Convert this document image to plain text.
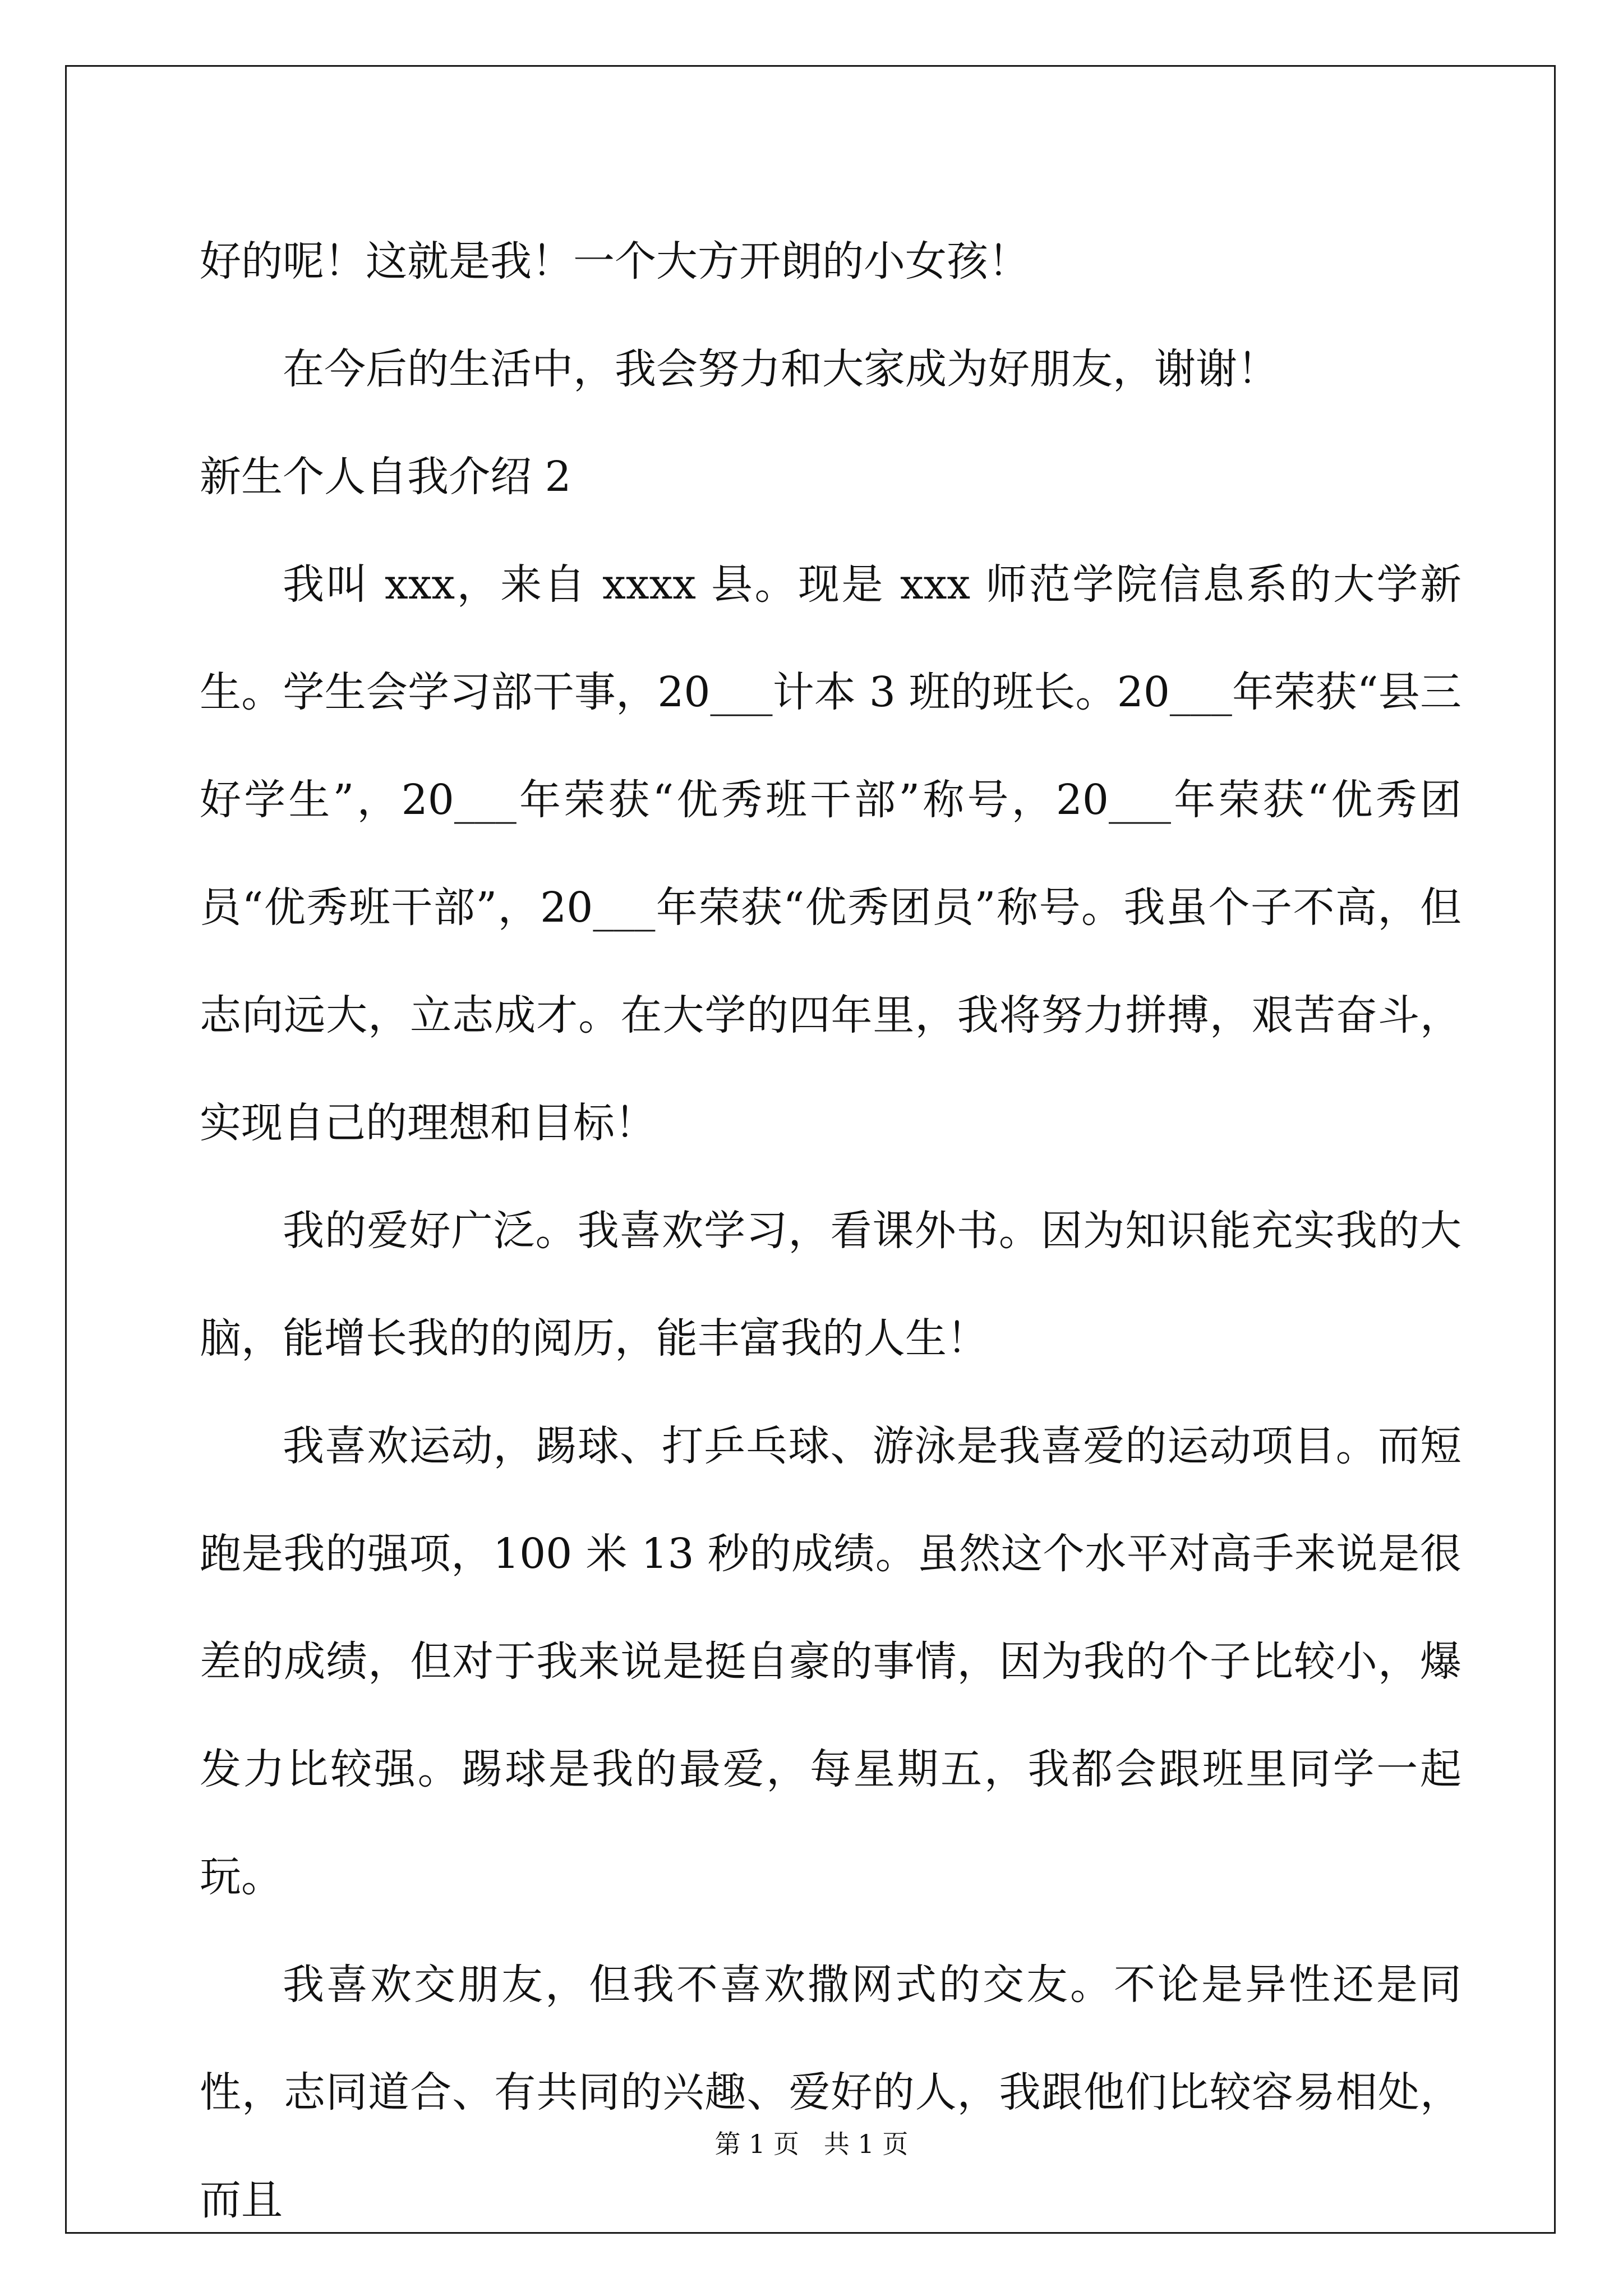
好的呢！这就是我！一个大方开朗的小女孩！

在今后的生活中，我会努力和大家成为好朋友，谢谢！

新生个人自我介绍 2

我叫 xxx，来自 xxxx 县。现是 xxx 师范学院信息系的大学新生。学生会学习部干事，20___计本 3 班的班长。20___年荣获“县三好学生”，20___年荣获“优秀班干部”称号，20___年荣获“优秀团员“优秀班干部”，20___年荣获“优秀团员”称号。我虽个子不高，但志向远大，立志成才。在大学的四年里，我将努力拼搏，艰苦奋斗，实现自己的理想和目标！

我的爱好广泛。我喜欢学习，看课外书。因为知识能充实我的大脑，能增长我的的阅历，能丰富我的人生！

我喜欢运动，踢球、打乒乓球、游泳是我喜爱的运动项目。而短跑是我的强项，100 米 13 秒的成绩。虽然这个水平对高手来说是很差的成绩，但对于我来说是挺自豪的事情，因为我的个子比较小，爆发力比较强。踢球是我的最爱，每星期五，我都会跟班里同学一起玩。

我喜欢交朋友，但我不喜欢撒网式的交友。不论是异性还是同性，志同道合、有共同的兴趣、爱好的人，我跟他们比较容易相处，而且

第 1 页   共 1 页
